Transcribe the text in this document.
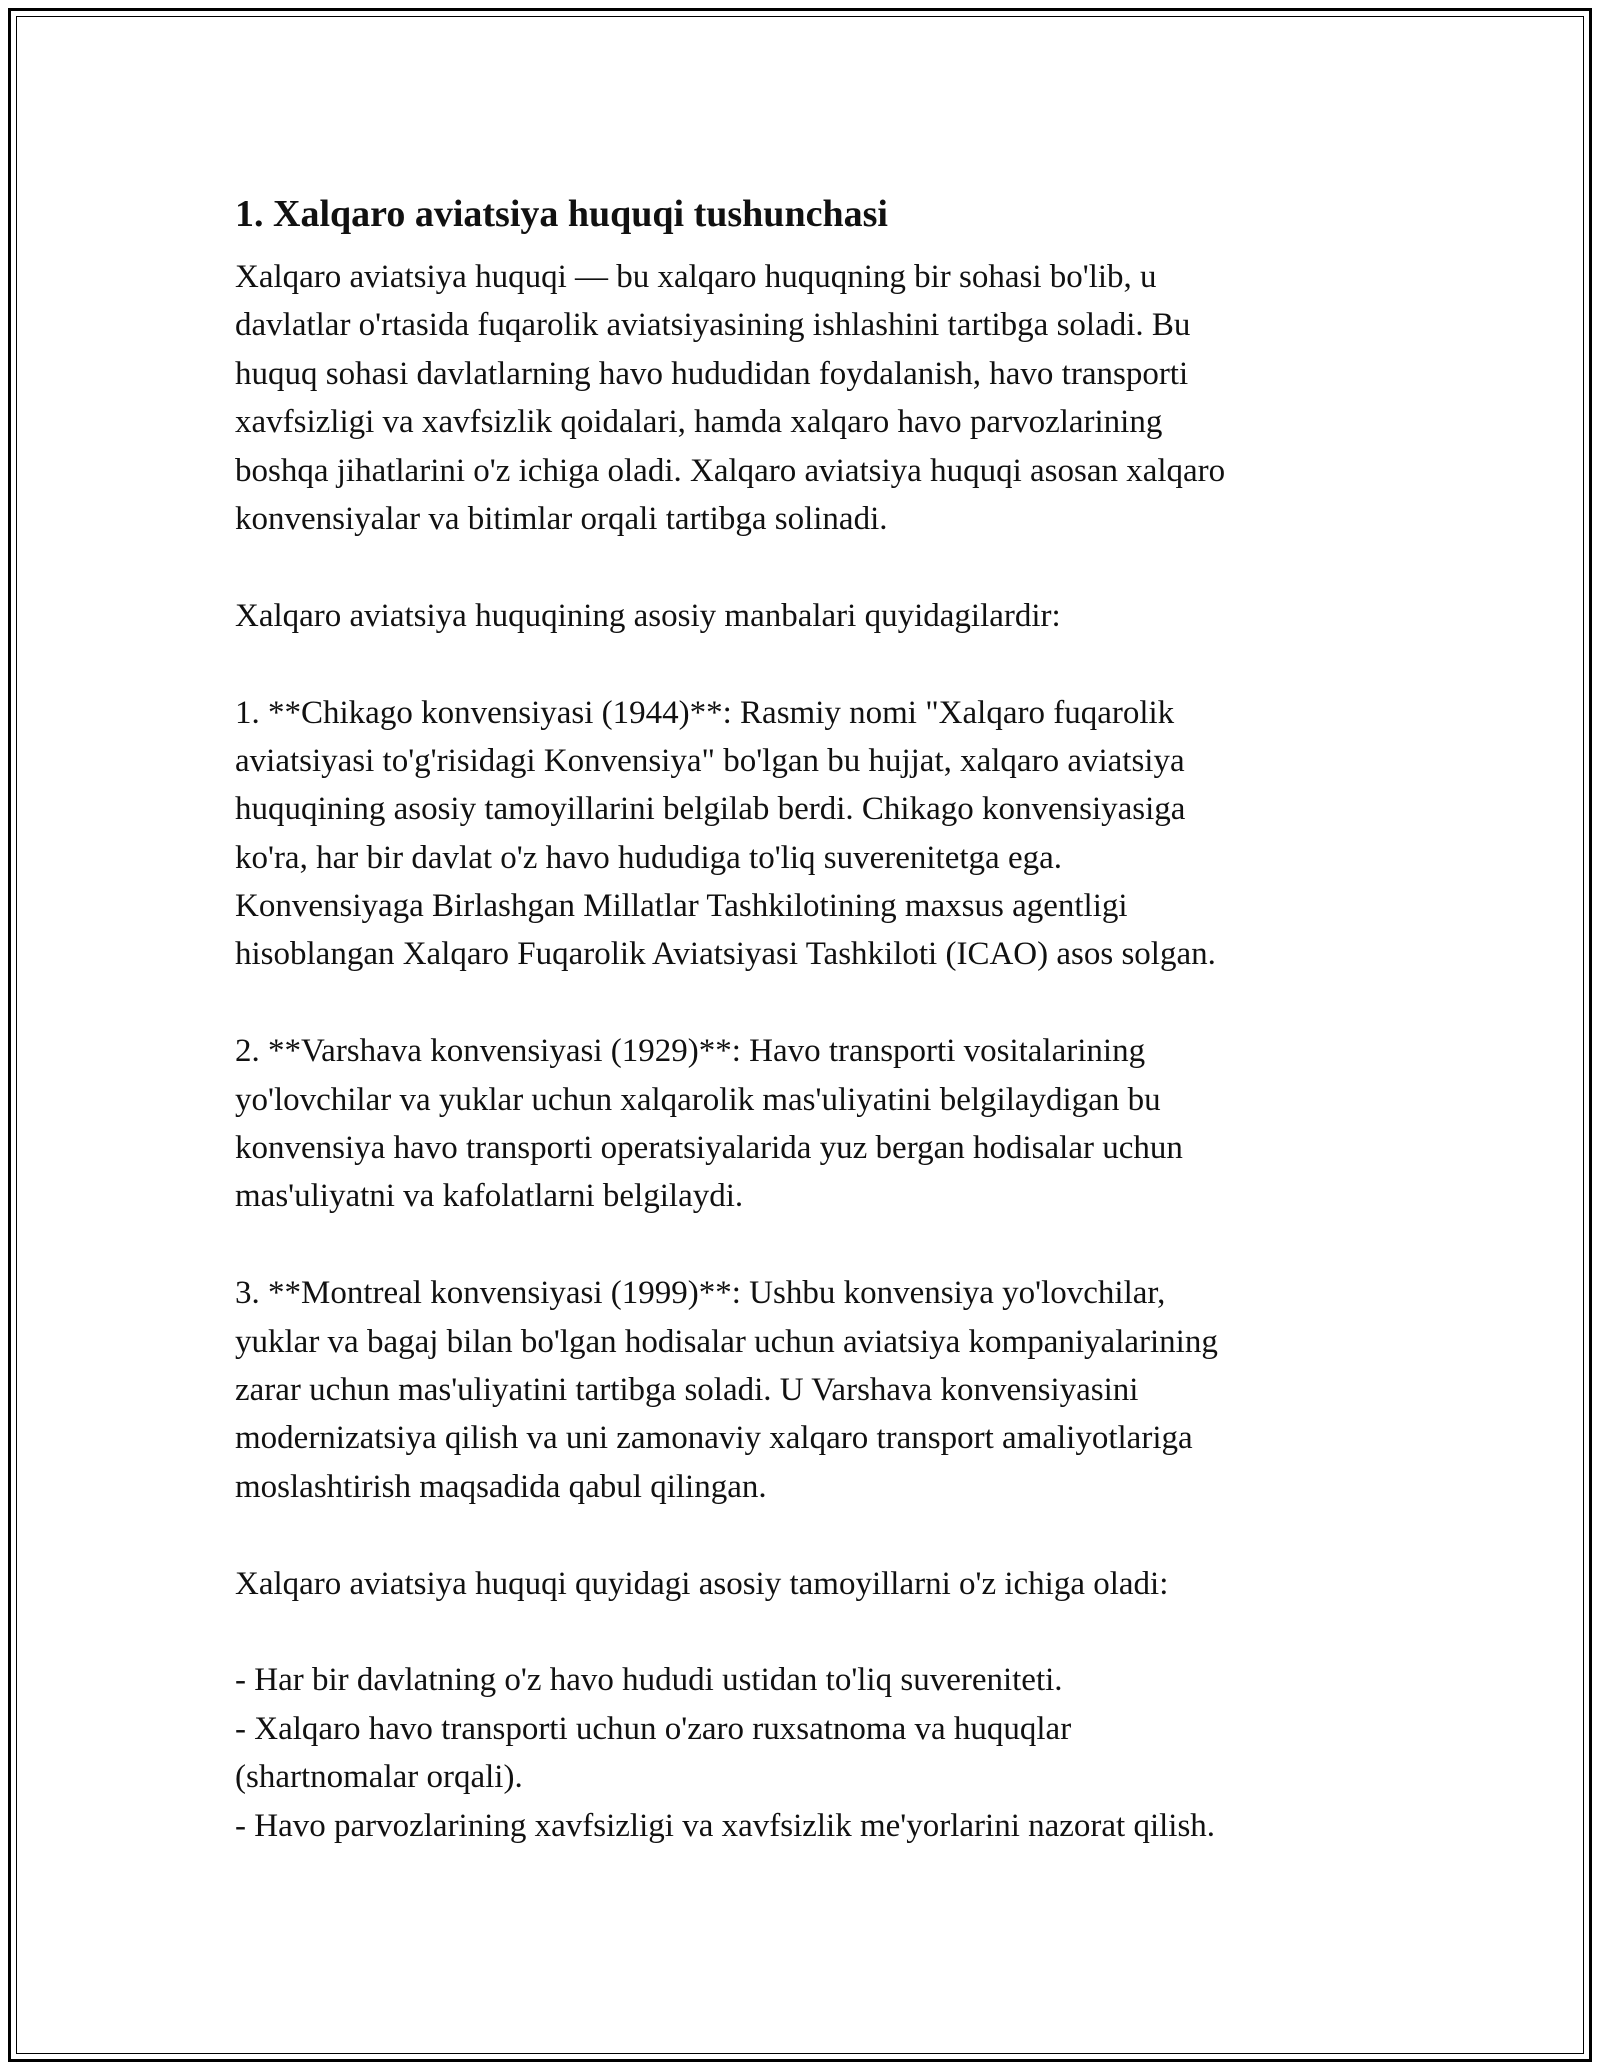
1. Xalqaro aviatsiya huquqi tushunchasi
Xalqaro aviatsiya huquqi — bu xalqaro huquqning bir sohasi bo'lib, u
davlatlar o'rtasida fuqarolik aviatsiyasining ishlashini tartibga soladi. Bu
huquq sohasi davlatlarning havo hududidan foydalanish, havo transporti
xavfsizligi va xavfsizlik qoidalari, hamda xalqaro havo parvozlarining
boshqa jihatlarini o'z ichiga oladi. Xalqaro aviatsiya huquqi asosan xalqaro
konvensiyalar va bitimlar orqali tartibga solinadi.
Xalqaro aviatsiya huquqining asosiy manbalari quyidagilardir:
1. **Chikago konvensiyasi (1944)**: Rasmiy nomi "Xalqaro fuqarolik
aviatsiyasi to'g'risidagi Konvensiya" bo'lgan bu hujjat, xalqaro aviatsiya
huquqining asosiy tamoyillarini belgilab berdi. Chikago konvensiyasiga
ko'ra, har bir davlat o'z havo hududiga to'liq suverenitetga ega.
Konvensiyaga Birlashgan Millatlar Tashkilotining maxsus agentligi
hisoblangan Xalqaro Fuqarolik Aviatsiyasi Tashkiloti (ICAO) asos solgan.
2. **Varshava konvensiyasi (1929)**: Havo transporti vositalarining
yo'lovchilar va yuklar uchun xalqarolik mas'uliyatini belgilaydigan bu
konvensiya havo transporti operatsiyalarida yuz bergan hodisalar uchun
mas'uliyatni va kafolatlarni belgilaydi.
3. **Montreal konvensiyasi (1999)**: Ushbu konvensiya yo'lovchilar,
yuklar va bagaj bilan bo'lgan hodisalar uchun aviatsiya kompaniyalarining
zarar uchun mas'uliyatini tartibga soladi. U Varshava konvensiyasini
modernizatsiya qilish va uni zamonaviy xalqaro transport amaliyotlariga
moslashtirish maqsadida qabul qilingan.
Xalqaro aviatsiya huquqi quyidagi asosiy tamoyillarni o'z ichiga oladi:
- Har bir davlatning o'z havo hududi ustidan to'liq suvereniteti.
- Xalqaro havo transporti uchun o'zaro ruxsatnoma va huquqlar
(shartnomalar orqali).
- Havo parvozlarining xavfsizligi va xavfsizlik me'yorlarini nazorat qilish.
